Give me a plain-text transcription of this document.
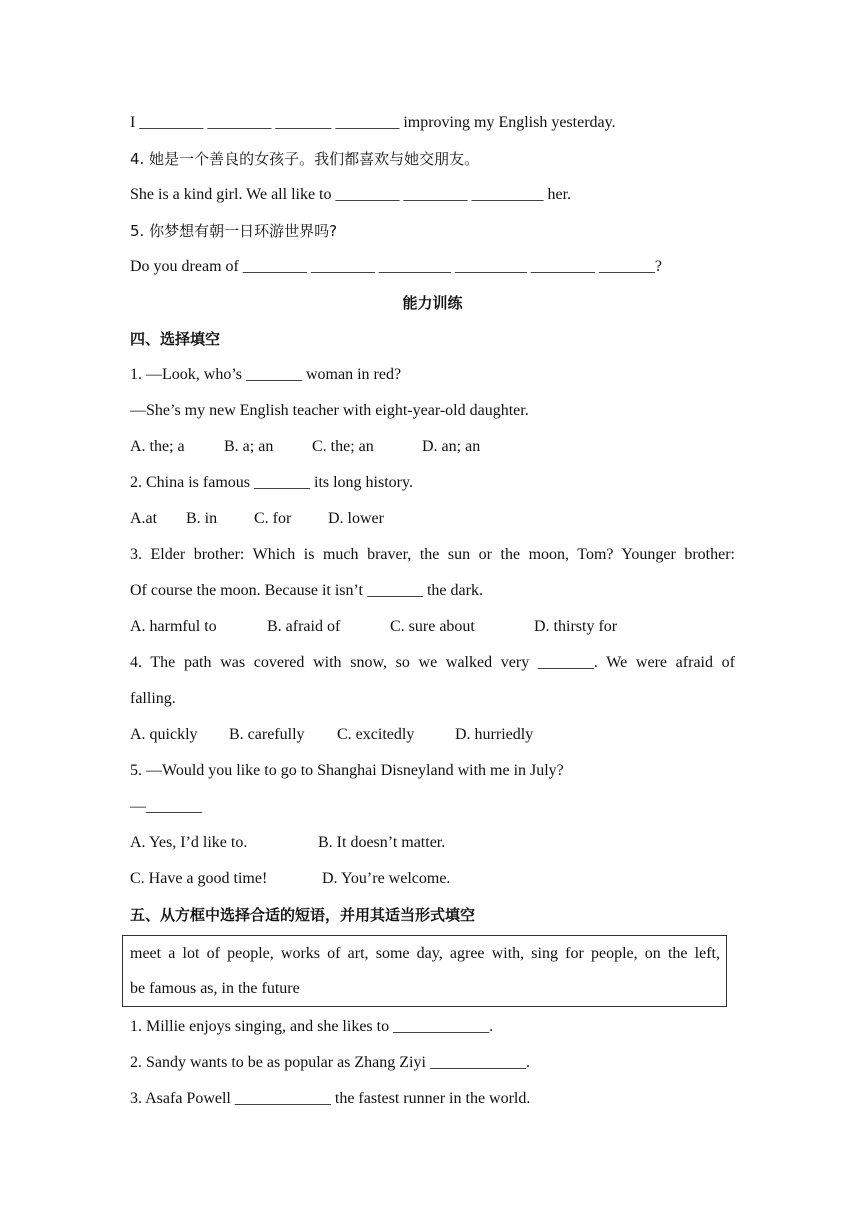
I ________ ________ _______ ________ improving my English yesterday.
4. 她是一个善良的女孩子。我们都喜欢与她交朋友。
She is a kind girl. We all like to ________ ________ _________ her.
5. 你梦想有朝一日环游世界吗?
Do you dream of ________ ________ _________ _________ ________ _______?
能力训练
四、选择填空
1. —Look, who’s _______ woman in red?
—She’s my new English teacher with eight-year-old daughter.
A. the; a B. a; an C. the; an	D. an; an
2. China is famous _______ its long history.
A.at B. in C. for D. lower
3. Elder brother: Which is much braver, the sun or the moon, Tom? Younger brother:
Of course the moon. Because it isn’t _______ the dark.
A. harmful to	B. afraid of	C. sure about	D. thirsty for
4. The path was covered with snow, so we walked very _______. We were afraid of
falling.
A. quickly B. carefully C. excitedly	D. hurriedly
5. —Would you like to go to Shanghai Disneyland with me in July?
—_______
A. Yes, I’d like to.	B. It doesn’t matter.
C. Have a good time!	D. You’re welcome.
五、从方框中选择合适的短语，并用其适当形式填空
meet a lot of people, works of art, some day, agree with, sing for people, on the left,
be famous as, in the future
1. Millie enjoys singing, and she likes to ____________.
2. Sandy wants to be as popular as Zhang Ziyi ____________.
3. Asafa Powell ____________ the fastest runner in the world.
